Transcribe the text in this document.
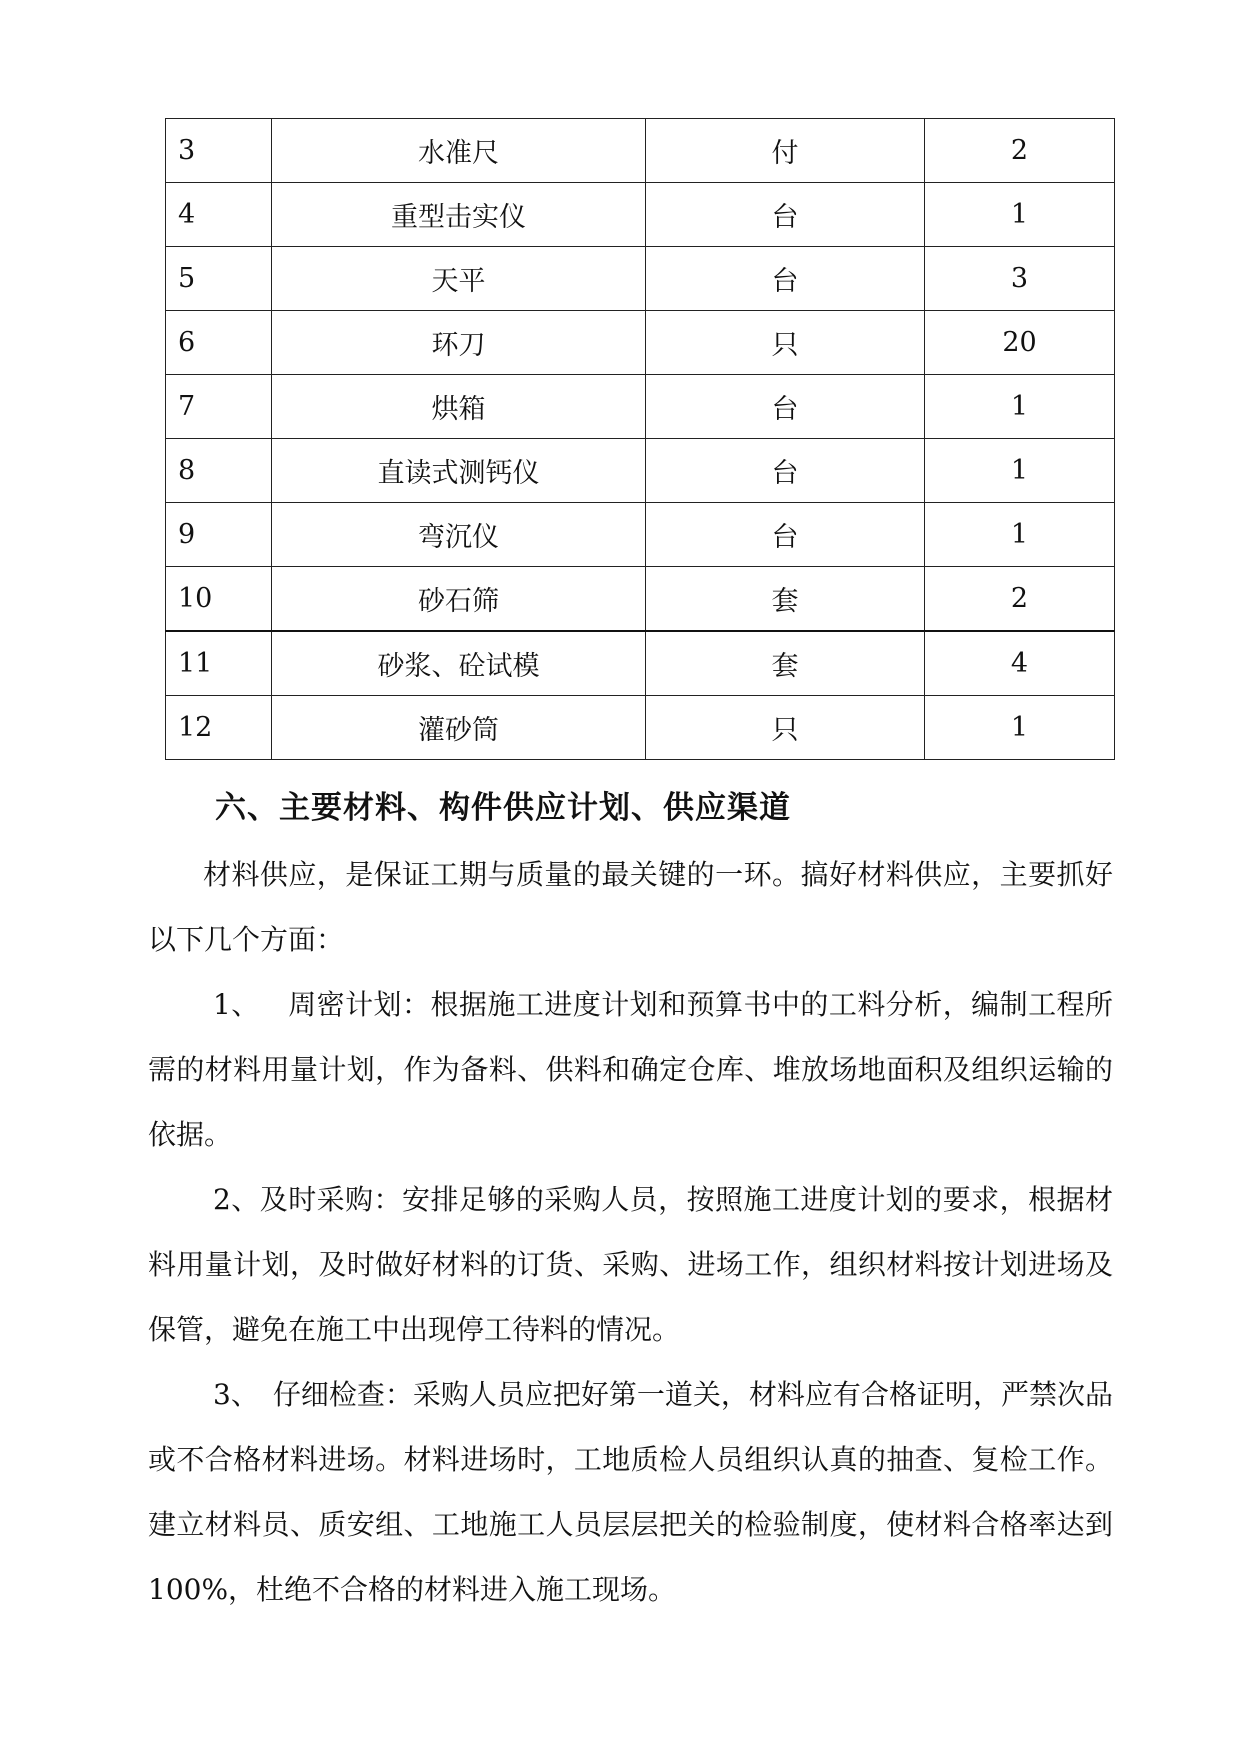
3	水准尺	付	2
4	重型击实仪	台	1
5	天平	台	3
6	环刀	只	20
7	烘箱	台	1
8	直读式测钙仪	台	1
9	弯沉仪	台	1
10	砂石筛	套	2
11	砂浆、砼试模	套	4
12	灌砂筒	只	1
六、主要材料、构件供应计划、供应渠道
材料供应，是保证工期与质量的最关键的一环。搞好材料供应，主要抓好以下几个方面：
1、  周密计划：根据施工进度计划和预算书中的工料分析，编制工程所需的材料用量计划，作为备料、供料和确定仓库、堆放场地面积及组织运输的依据。
2、及时采购：安排足够的采购人员，按照施工进度计划的要求，根据材料用量计划，及时做好材料的订货、采购、进场工作，组织材料按计划进场及保管，避免在施工中出现停工待料的情况。
3、  仔细检查：采购人员应把好第一道关，材料应有合格证明，严禁次品或不合格材料进场。材料进场时，工地质检人员组织认真的抽查、复检工作。建立材料员、质安组、工地施工人员层层把关的检验制度，使材料合格率达到 100%，杜绝不合格的材料进入施工现场。
